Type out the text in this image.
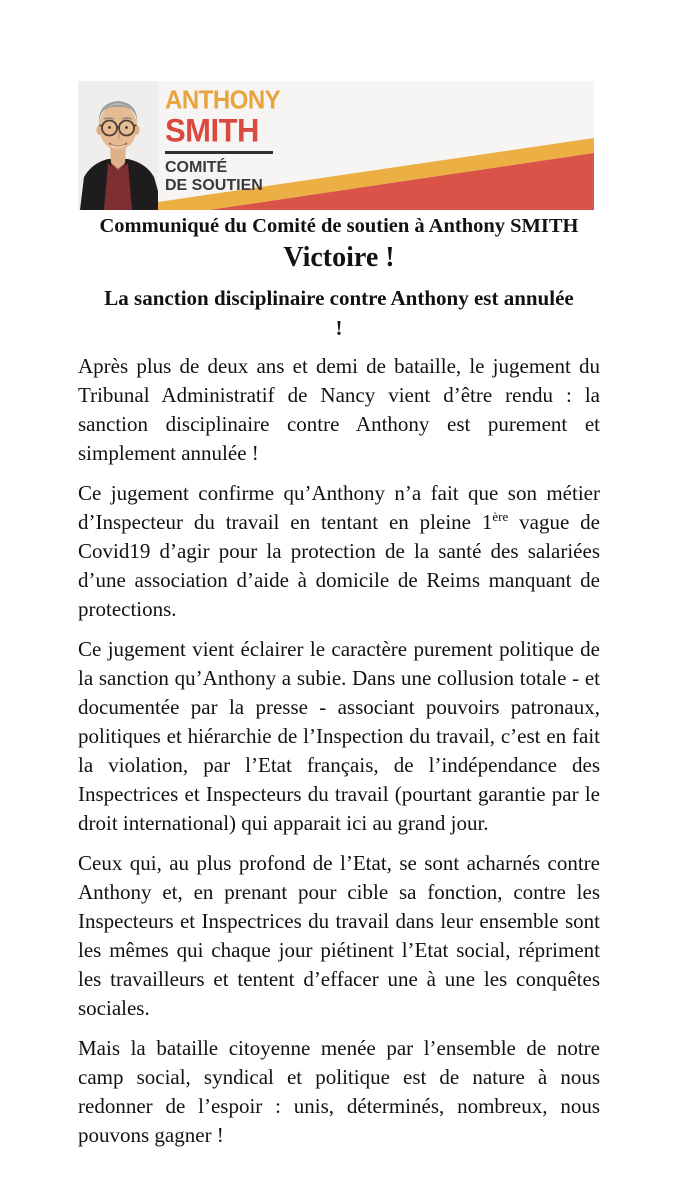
ANTHONY
SMITH
COMITÉ
DE SOUTIEN

Communiqué du Comité de soutien à Anthony SMITH

Victoire !

La sanction disciplinaire contre Anthony est annulée
!

Après plus de deux ans et demi de bataille, le jugement du Tribunal Administratif de Nancy vient d’être rendu : la sanction disciplinaire contre Anthony est purement et simplement annulée !

Ce jugement confirme qu’Anthony n’a fait que son métier d’Inspecteur du travail en tentant en pleine 1ère vague de Covid19 d’agir pour la protection de la santé des salariées d’une association d’aide à domicile de Reims manquant de protections.

Ce jugement vient éclairer le caractère purement politique de la sanction qu’Anthony a subie. Dans une collusion totale - et documentée par la presse - associant pouvoirs patronaux, politiques et hiérarchie de l’Inspection du travail, c’est en fait la violation, par l’Etat français, de l’indépendance des Inspectrices et Inspecteurs du travail (pourtant garantie par le droit international) qui apparait ici au grand jour.

Ceux qui, au plus profond de l’Etat, se sont acharnés contre Anthony et, en prenant pour cible sa fonction, contre les Inspecteurs et Inspectrices du travail dans leur ensemble sont les mêmes qui chaque jour piétinent l’Etat social, répriment les travailleurs et tentent d’effacer une à une les conquêtes sociales.

Mais la bataille citoyenne menée par l’ensemble de notre camp social, syndical et politique est de nature à nous redonner de l’espoir : unis, déterminés, nombreux, nous pouvons gagner !
